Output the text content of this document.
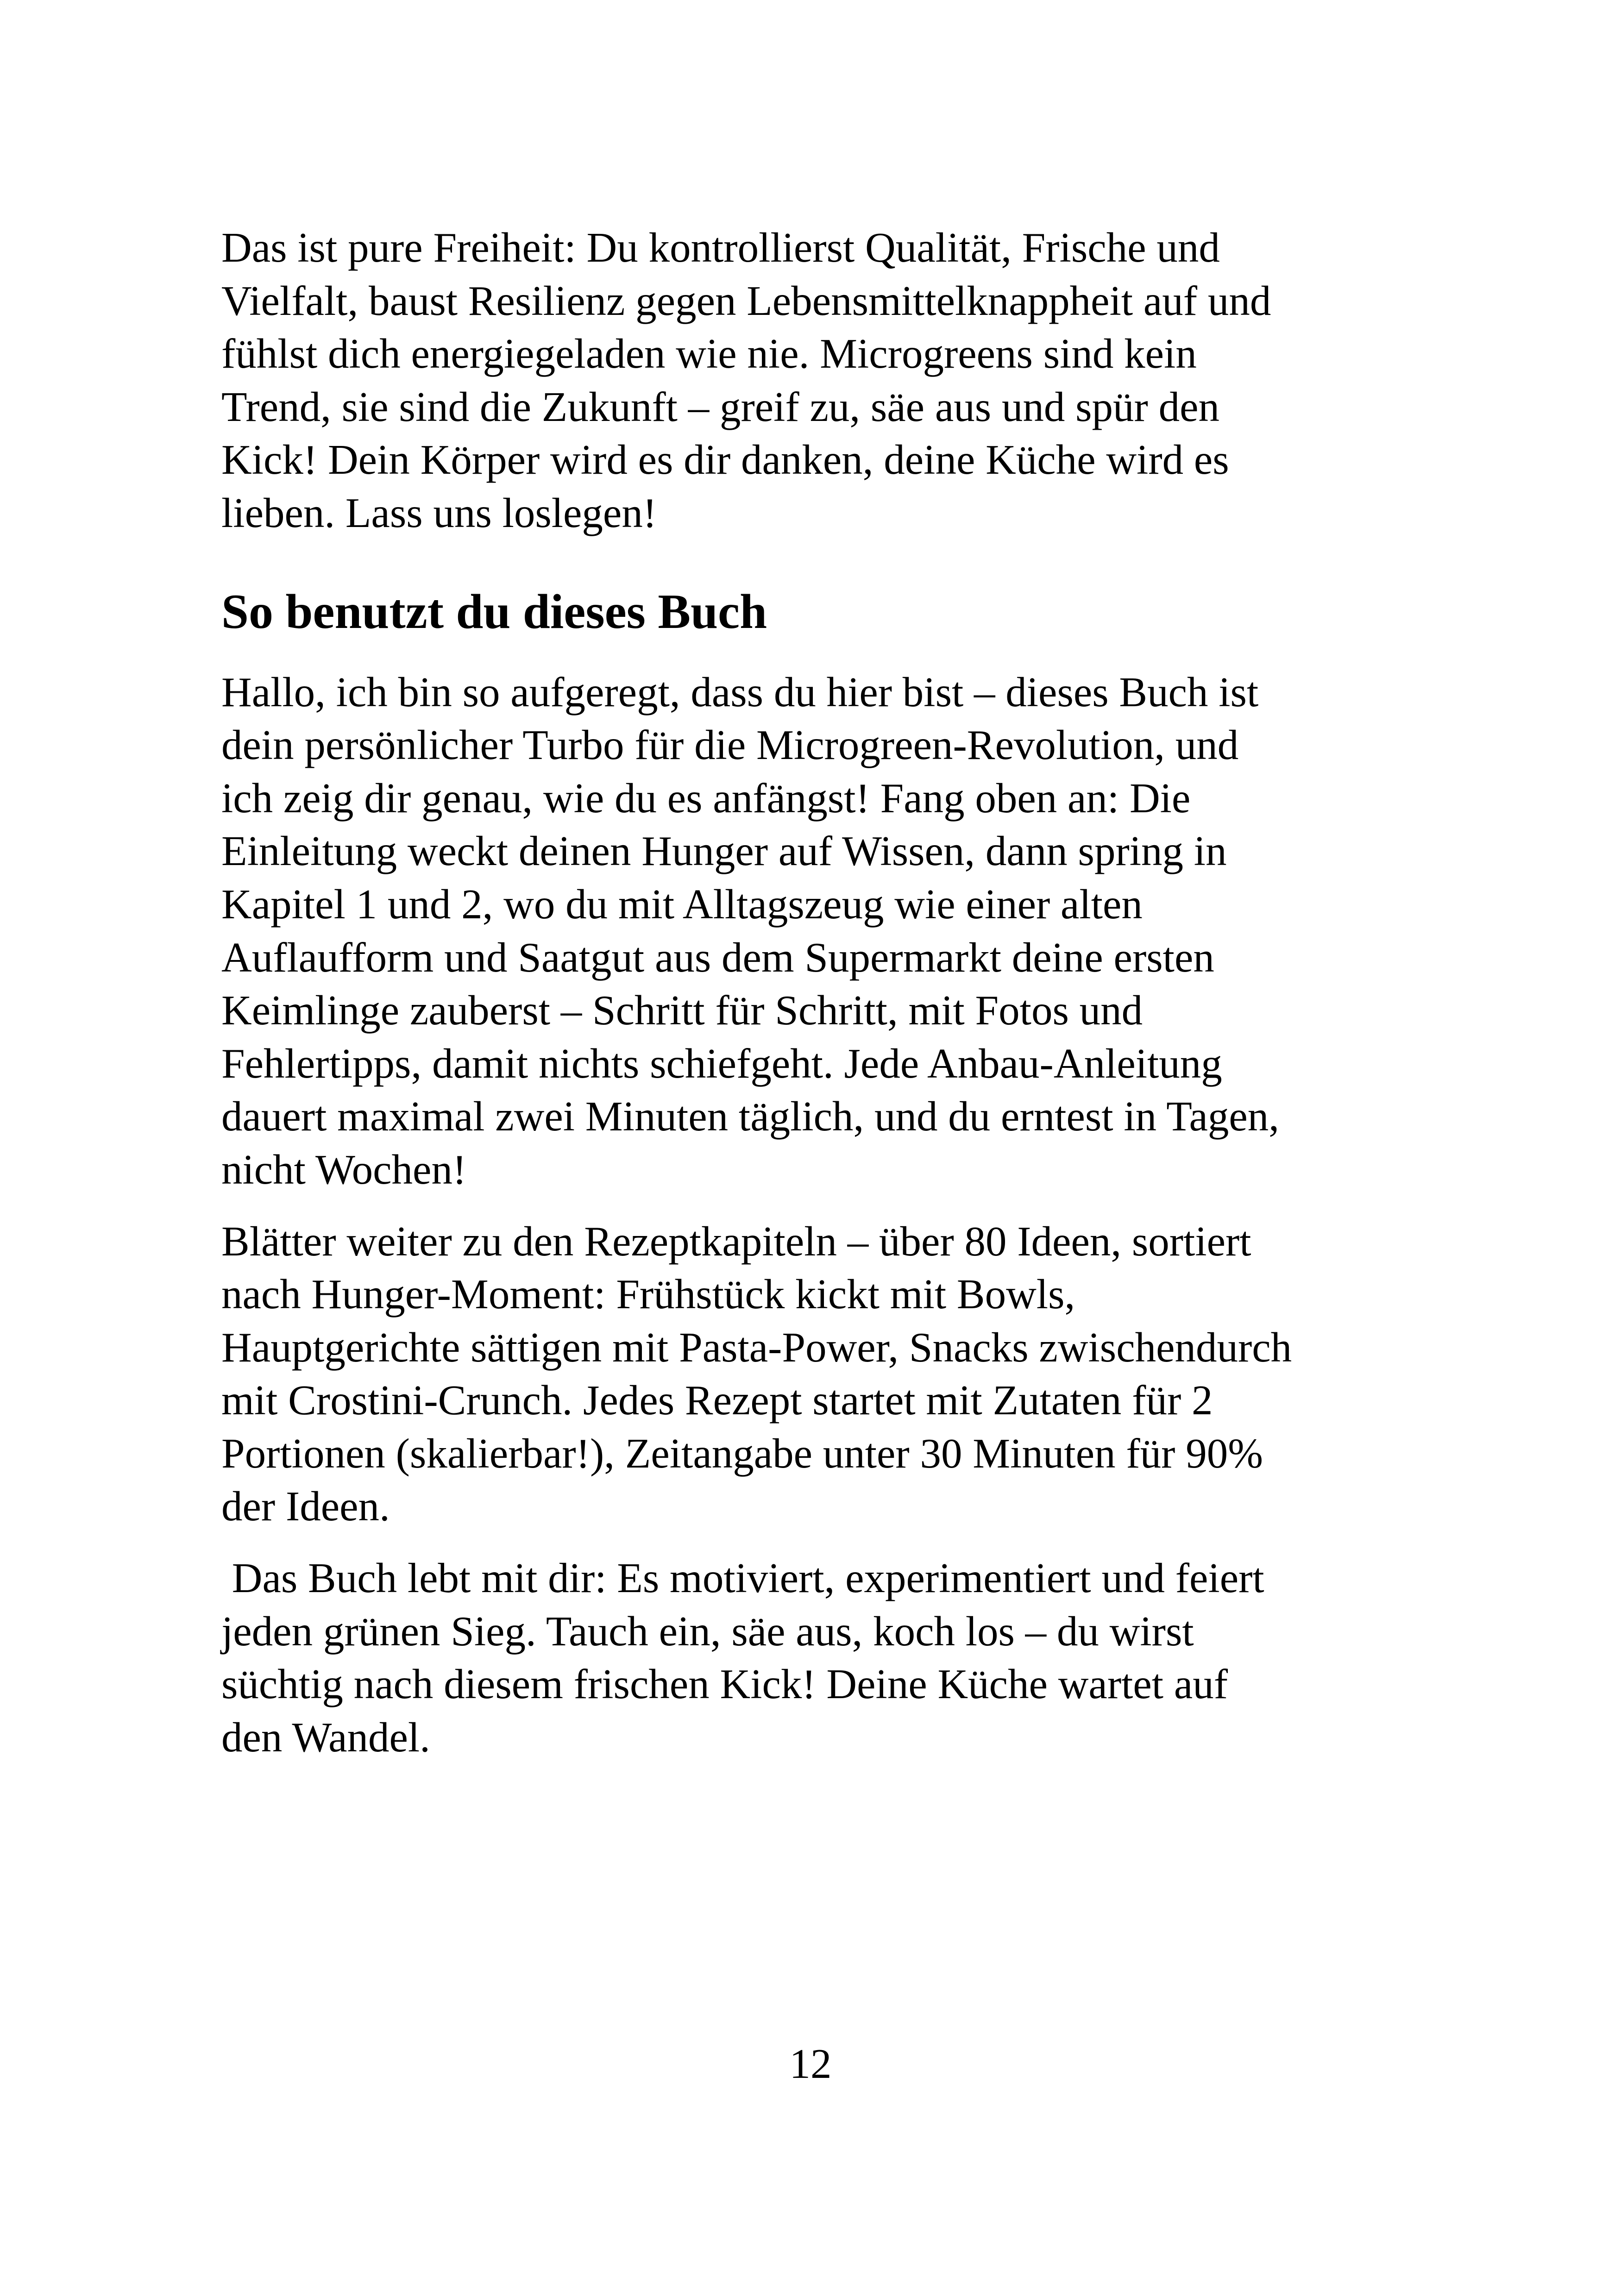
Das ist pure Freiheit: Du kontrollierst Qualität, Frische und
Vielfalt, baust Resilienz gegen Lebensmittelknappheit auf und
fühlst dich energiegeladen wie nie. Microgreens sind kein
Trend, sie sind die Zukunft – greif zu, säe aus und spür den
Kick! Dein Körper wird es dir danken, deine Küche wird es
lieben. Lass uns loslegen!
So benutzt du dieses Buch
Hallo, ich bin so aufgeregt, dass du hier bist – dieses Buch ist
dein persönlicher Turbo für die Microgreen-Revolution, und
ich zeig dir genau, wie du es anfängst! Fang oben an: Die
Einleitung weckt deinen Hunger auf Wissen, dann spring in
Kapitel 1 und 2, wo du mit Alltagszeug wie einer alten
Auflaufform und Saatgut aus dem Supermarkt deine ersten
Keimlinge zauberst – Schritt für Schritt, mit Fotos und
Fehlertipps, damit nichts schiefgeht. Jede Anbau-Anleitung
dauert maximal zwei Minuten täglich, und du erntest in Tagen,
nicht Wochen!
Blätter weiter zu den Rezeptkapiteln – über 80 Ideen, sortiert
nach Hunger-Moment: Frühstück kickt mit Bowls,
Hauptgerichte sättigen mit Pasta-Power, Snacks zwischendurch
mit Crostini-Crunch. Jedes Rezept startet mit Zutaten für 2
Portionen (skalierbar!), Zeitangabe unter 30 Minuten für 90%
der Ideen.
Das Buch lebt mit dir: Es motiviert, experimentiert und feiert
jeden grünen Sieg. Tauch ein, säe aus, koch los – du wirst
süchtig nach diesem frischen Kick! Deine Küche wartet auf
den Wandel.
12
